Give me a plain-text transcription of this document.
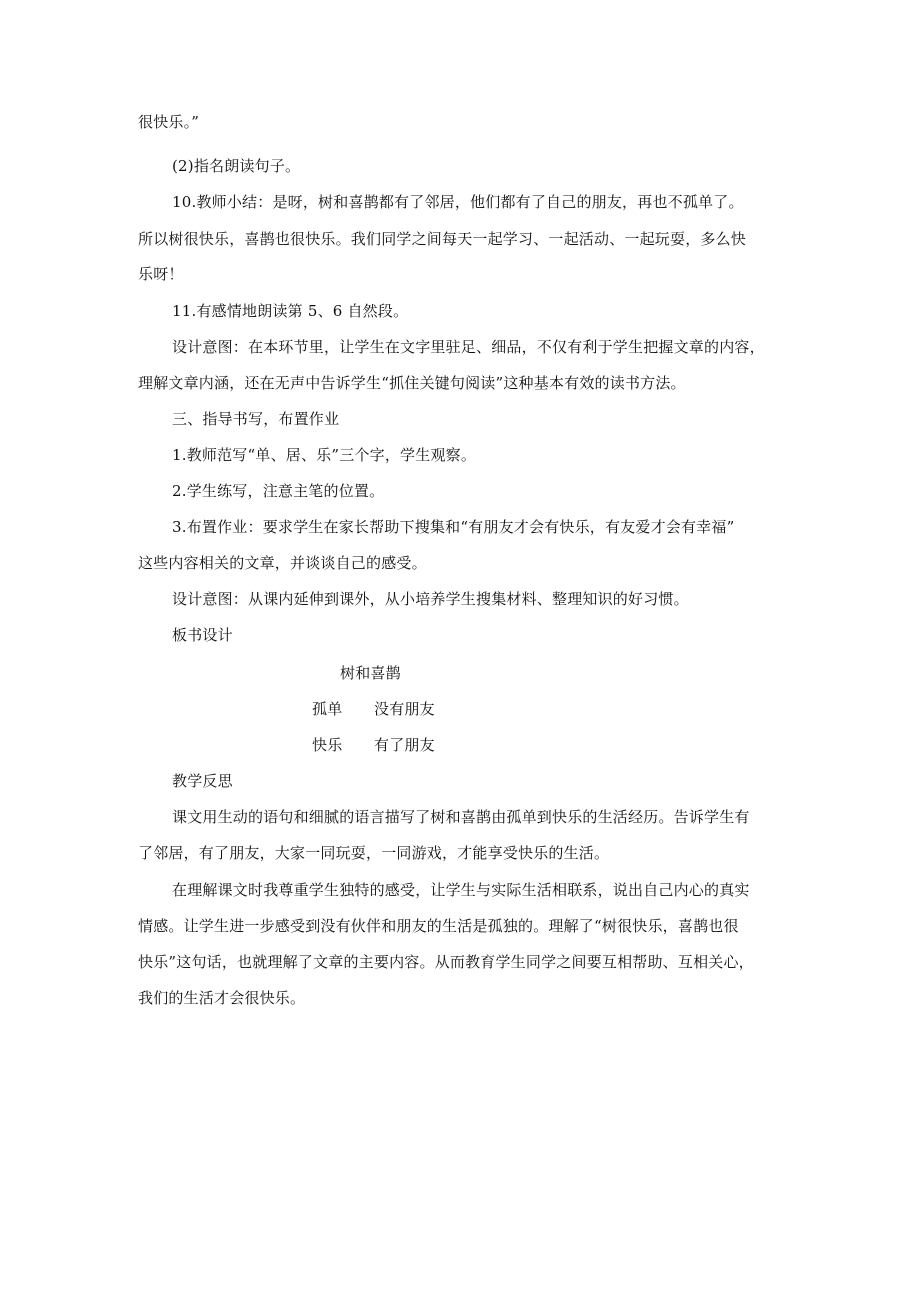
很快乐。”
(2)指名朗读句子。
10.教师小结：是呀，树和喜鹊都有了邻居，他们都有了自己的朋友，再也不孤单了。
所以树很快乐，喜鹊也很快乐。我们同学之间每天一起学习、一起活动、一起玩耍，多么快
乐呀！
11.有感情地朗读第 5、6 自然段。
设计意图：在本环节里，让学生在文字里驻足、细品，不仅有利于学生把握文章的内容，
理解文章内涵，还在无声中告诉学生“抓住关键句阅读”这种基本有效的读书方法。
三、指导书写，布置作业
1.教师范写“单、居、乐”三个字，学生观察。
2.学生练写，注意主笔的位置。
3.布置作业：要求学生在家长帮助下搜集和“有朋友才会有快乐，有友爱才会有幸福”
这些内容相关的文章，并谈谈自己的感受。
设计意图：从课内延伸到课外，从小培养学生搜集材料、整理知识的好习惯。
板书设计
树和喜鹊
孤单 没有朋友
快乐 有了朋友
教学反思
课文用生动的语句和细腻的语言描写了树和喜鹊由孤单到快乐的生活经历。告诉学生有
了邻居，有了朋友，大家一同玩耍，一同游戏，才能享受快乐的生活。
在理解课文时我尊重学生独特的感受，让学生与实际生活相联系，说出自己内心的真实
情感。让学生进一步感受到没有伙伴和朋友的生活是孤独的。理解了“树很快乐，喜鹊也很
快乐”这句话，也就理解了文章的主要内容。从而教育学生同学之间要互相帮助、互相关心，
我们的生活才会很快乐。
